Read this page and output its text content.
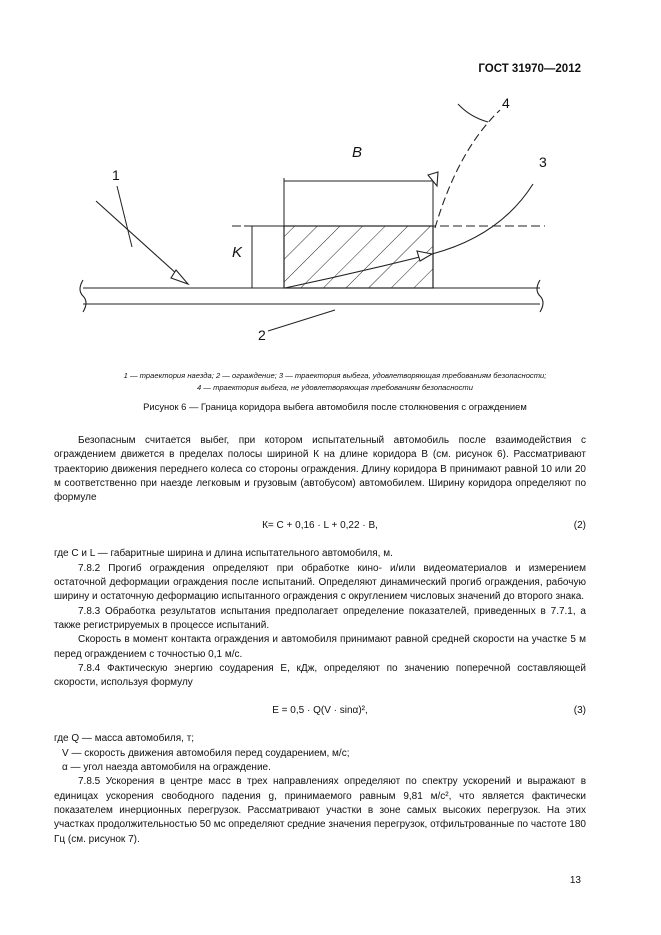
ГОСТ 31970—2012
B
K
1
2
3
4
1 — траектория наезда; 2 — ограждение; 3 — траектория выбега, удовлетворяющая требованиям безопасности;
4 — траектория выбега, не удовлетворяющая требованиям безопасности
Рисунок 6 — Граница коридора выбега автомобиля после столкновения с ограждением

Безопасным считается выбег, при котором испытательный автомобиль после взаимодействия с ограждением движется в пределах полосы шириной К на длине коридора В (см. рисунок 6). Рассматривают траекторию движения переднего колеса со стороны ограждения. Длину коридора В принимают равной 10 или 20 м соответственно при наезде легковым и грузовым (автобусом) автомобилем. Ширину коридора определяют по формуле

К= С + 0,16 · L + 0,22 · В,	(2)

где С и L — габаритные ширина и длина испытательного автомобиля, м.

7.8.2 Прогиб ограждения определяют при обработке кино- и/или видеоматериалов и измерением остаточной деформации ограждения после испытаний. Определяют динамический прогиб ограждения, рабочую ширину и остаточную деформацию испытанного ограждения с округлением числовых значений до второго знака.

7.8.3 Обработка результатов испытания предполагает определение показателей, приведенных в 7.7.1, а также регистрируемых в процессе испытаний.

Скорость в момент контакта ограждения и автомобиля принимают равной средней скорости на участке 5 м перед ограждением с точностью 0,1 м/с.

7.8.4 Фактическую энергию соударения Е, кДж, определяют по значению поперечной составляющей скорости, используя формулу

E = 0,5 · Q(V · sinα)²,	(3)

где Q — масса автомобиля, т;

V — скорость движения автомобиля перед соударением, м/с;

α — угол наезда автомобиля на ограждение.

7.8.5 Ускорения в центре масс в трех направлениях определяют по спектру ускорений и выражают в единицах ускорения свободного падения g, принимаемого равным 9,81 м/с², что является фактически показателем инерционных перегрузок. Рассматривают участки в зоне самых высоких перегрузок. На этих участках продолжительностью 50 мс определяют средние значения перегрузок, отфильтрованные по частоте 180 Гц (см. рисунок 7).

13
